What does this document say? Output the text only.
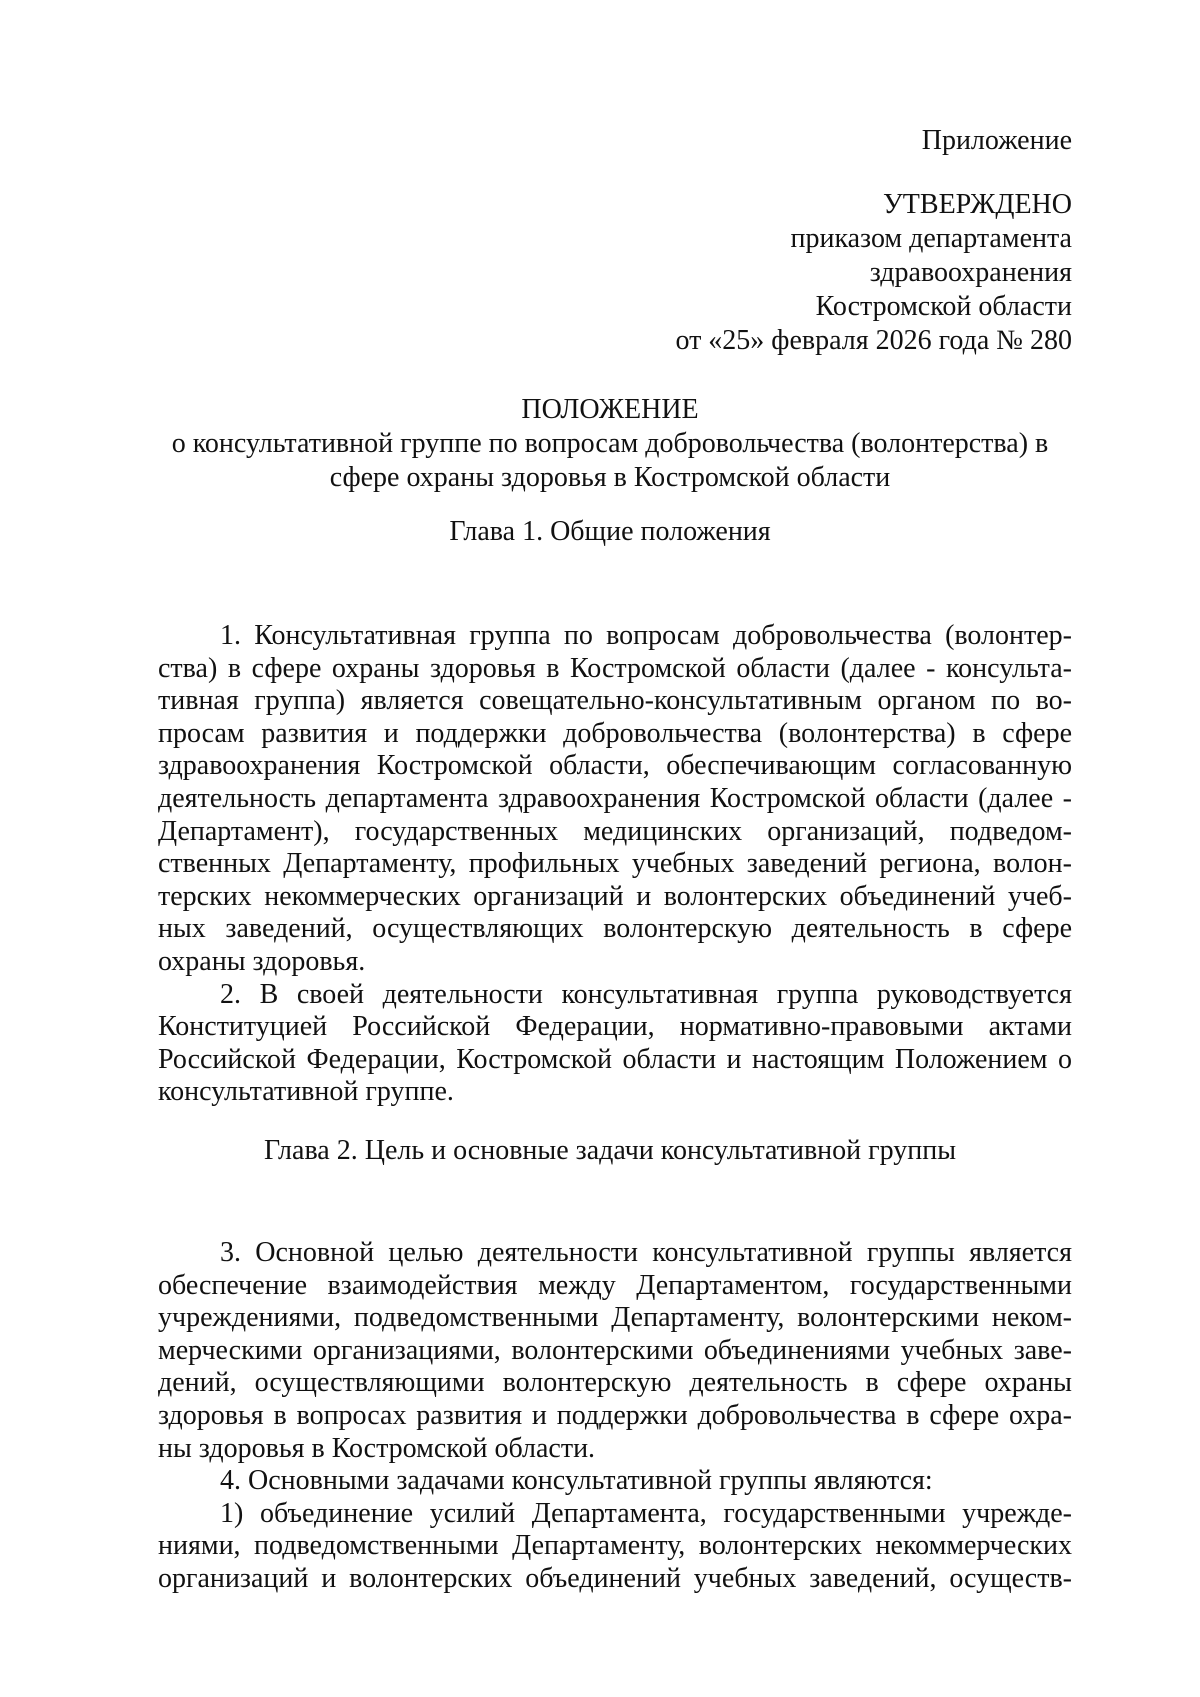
Приложение
УТВЕРЖДЕНО
приказом департамента
здравоохранения
Костромской области
от «25» февраля 2026 года № 280
ПОЛОЖЕНИЕ
о консультативной группе по вопросам добровольчества (волонтерства) в
сфере охраны здоровья в Костромской области
Глава 1. Общие положения
1. Консультативная группа по вопросам добровольчества (волонтер-
ства) в сфере охраны здоровья в Костромской области (далее - консульта-
тивная группа) является совещательно-консультативным органом по во-
просам развития и поддержки добровольчества (волонтерства) в сфере
здравоохранения Костромской области, обеспечивающим согласованную
деятельность департамента здравоохранения Костромской области (далее -
Департамент), государственных медицинских организаций, подведом-
ственных Департаменту, профильных учебных заведений региона, волон-
терских некоммерческих организаций и волонтерских объединений учеб-
ных заведений, осуществляющих волонтерскую деятельность в сфере
охраны здоровья.
2. В своей деятельности консультативная группа руководствуется
Конституцией Российской Федерации, нормативно-правовыми актами
Российской Федерации, Костромской области и настоящим Положением о
консультативной группе.
Глава 2. Цель и основные задачи консультативной группы
3. Основной целью деятельности консультативной группы является
обеспечение взаимодействия между Департаментом, государственными
учреждениями, подведомственными Департаменту, волонтерскими неком-
мерческими организациями, волонтерскими объединениями учебных заве-
дений, осуществляющими волонтерскую деятельность в сфере охраны
здоровья в вопросах развития и поддержки добровольчества в сфере охра-
ны здоровья в Костромской области.
4. Основными задачами консультативной группы являются:
1) объединение усилий Департамента, государственными учрежде-
ниями, подведомственными Департаменту, волонтерских некоммерческих
организаций и волонтерских объединений учебных заведений, осуществ-
